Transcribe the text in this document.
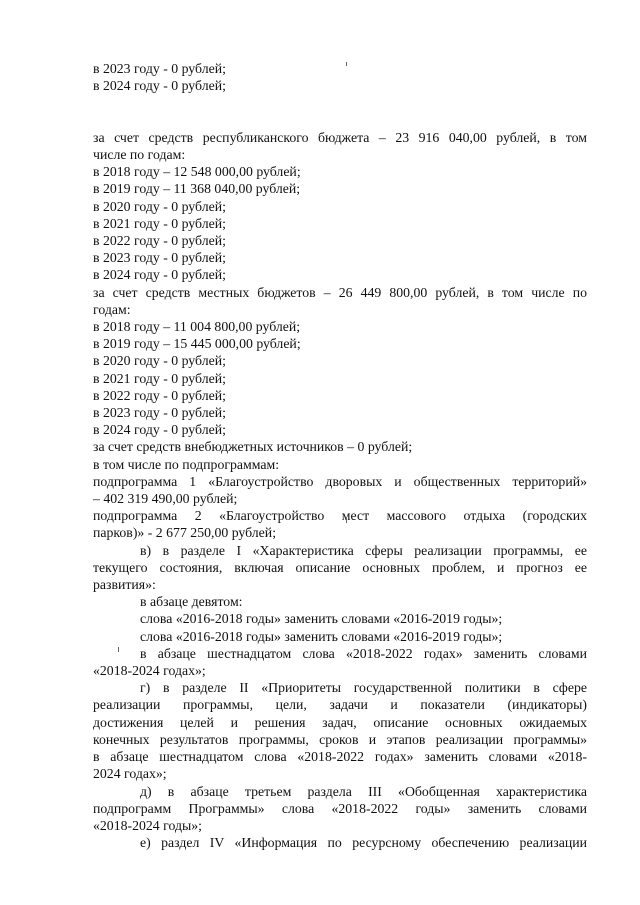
в 2023 году - 0 рублей;
в 2024 году - 0 рублей;
за счет средств республиканского бюджета – 23 916 040,00 рублей, в том
числе по годам:
в 2018 году – 12 548 000,00 рублей;
в 2019 году – 11 368 040,00 рублей;
в 2020 году - 0 рублей;
в 2021 году - 0 рублей;
в 2022 году - 0 рублей;
в 2023 году - 0 рублей;
в 2024 году - 0 рублей;
за счет средств местных бюджетов – 26 449 800,00 рублей, в том числе по
годам:
в 2018 году – 11 004 800,00 рублей;
в 2019 году – 15 445 000,00 рублей;
в 2020 году - 0 рублей;
в 2021 году - 0 рублей;
в 2022 году - 0 рублей;
в 2023 году - 0 рублей;
в 2024 году - 0 рублей;
за счет средств внебюджетных источников – 0 рублей;
в том числе по подпрограммам:
подпрограмма 1 «Благоустройство дворовых и общественных территорий»
– 402 319 490,00 рублей;
подпрограмма 2 «Благоустройство мест массового отдыха (городских
парков)» - 2 677 250,00 рублей;
в) в разделе I «Характеристика сферы реализации программы, ее
текущего состояния, включая описание основных проблем, и прогноз ее
развития»:
в абзаце девятом:
слова «2016-2018 годы» заменить словами «2016-2019 годы»;
слова «2016-2018 годы» заменить словами «2016-2019 годы»;
в абзаце шестнадцатом слова «2018-2022 годах» заменить словами
«2018-2024 годах»;
г) в разделе II «Приоритеты государственной политики в сфере
реализации программы, цели, задачи и показатели (индикаторы)
достижения целей и решения задач, описание основных ожидаемых
конечных результатов программы, сроков и этапов реализации программы»
в абзаце шестнадцатом слова «2018-2022 годах» заменить словами «2018-
2024 годах»;
д) в абзаце третьем раздела III «Обобщенная характеристика
подпрограмм Программы» слова «2018-2022 годы» заменить словами
«2018-2024 годы»;
е) раздел IV «Информация по ресурсному обеспечению реализации
